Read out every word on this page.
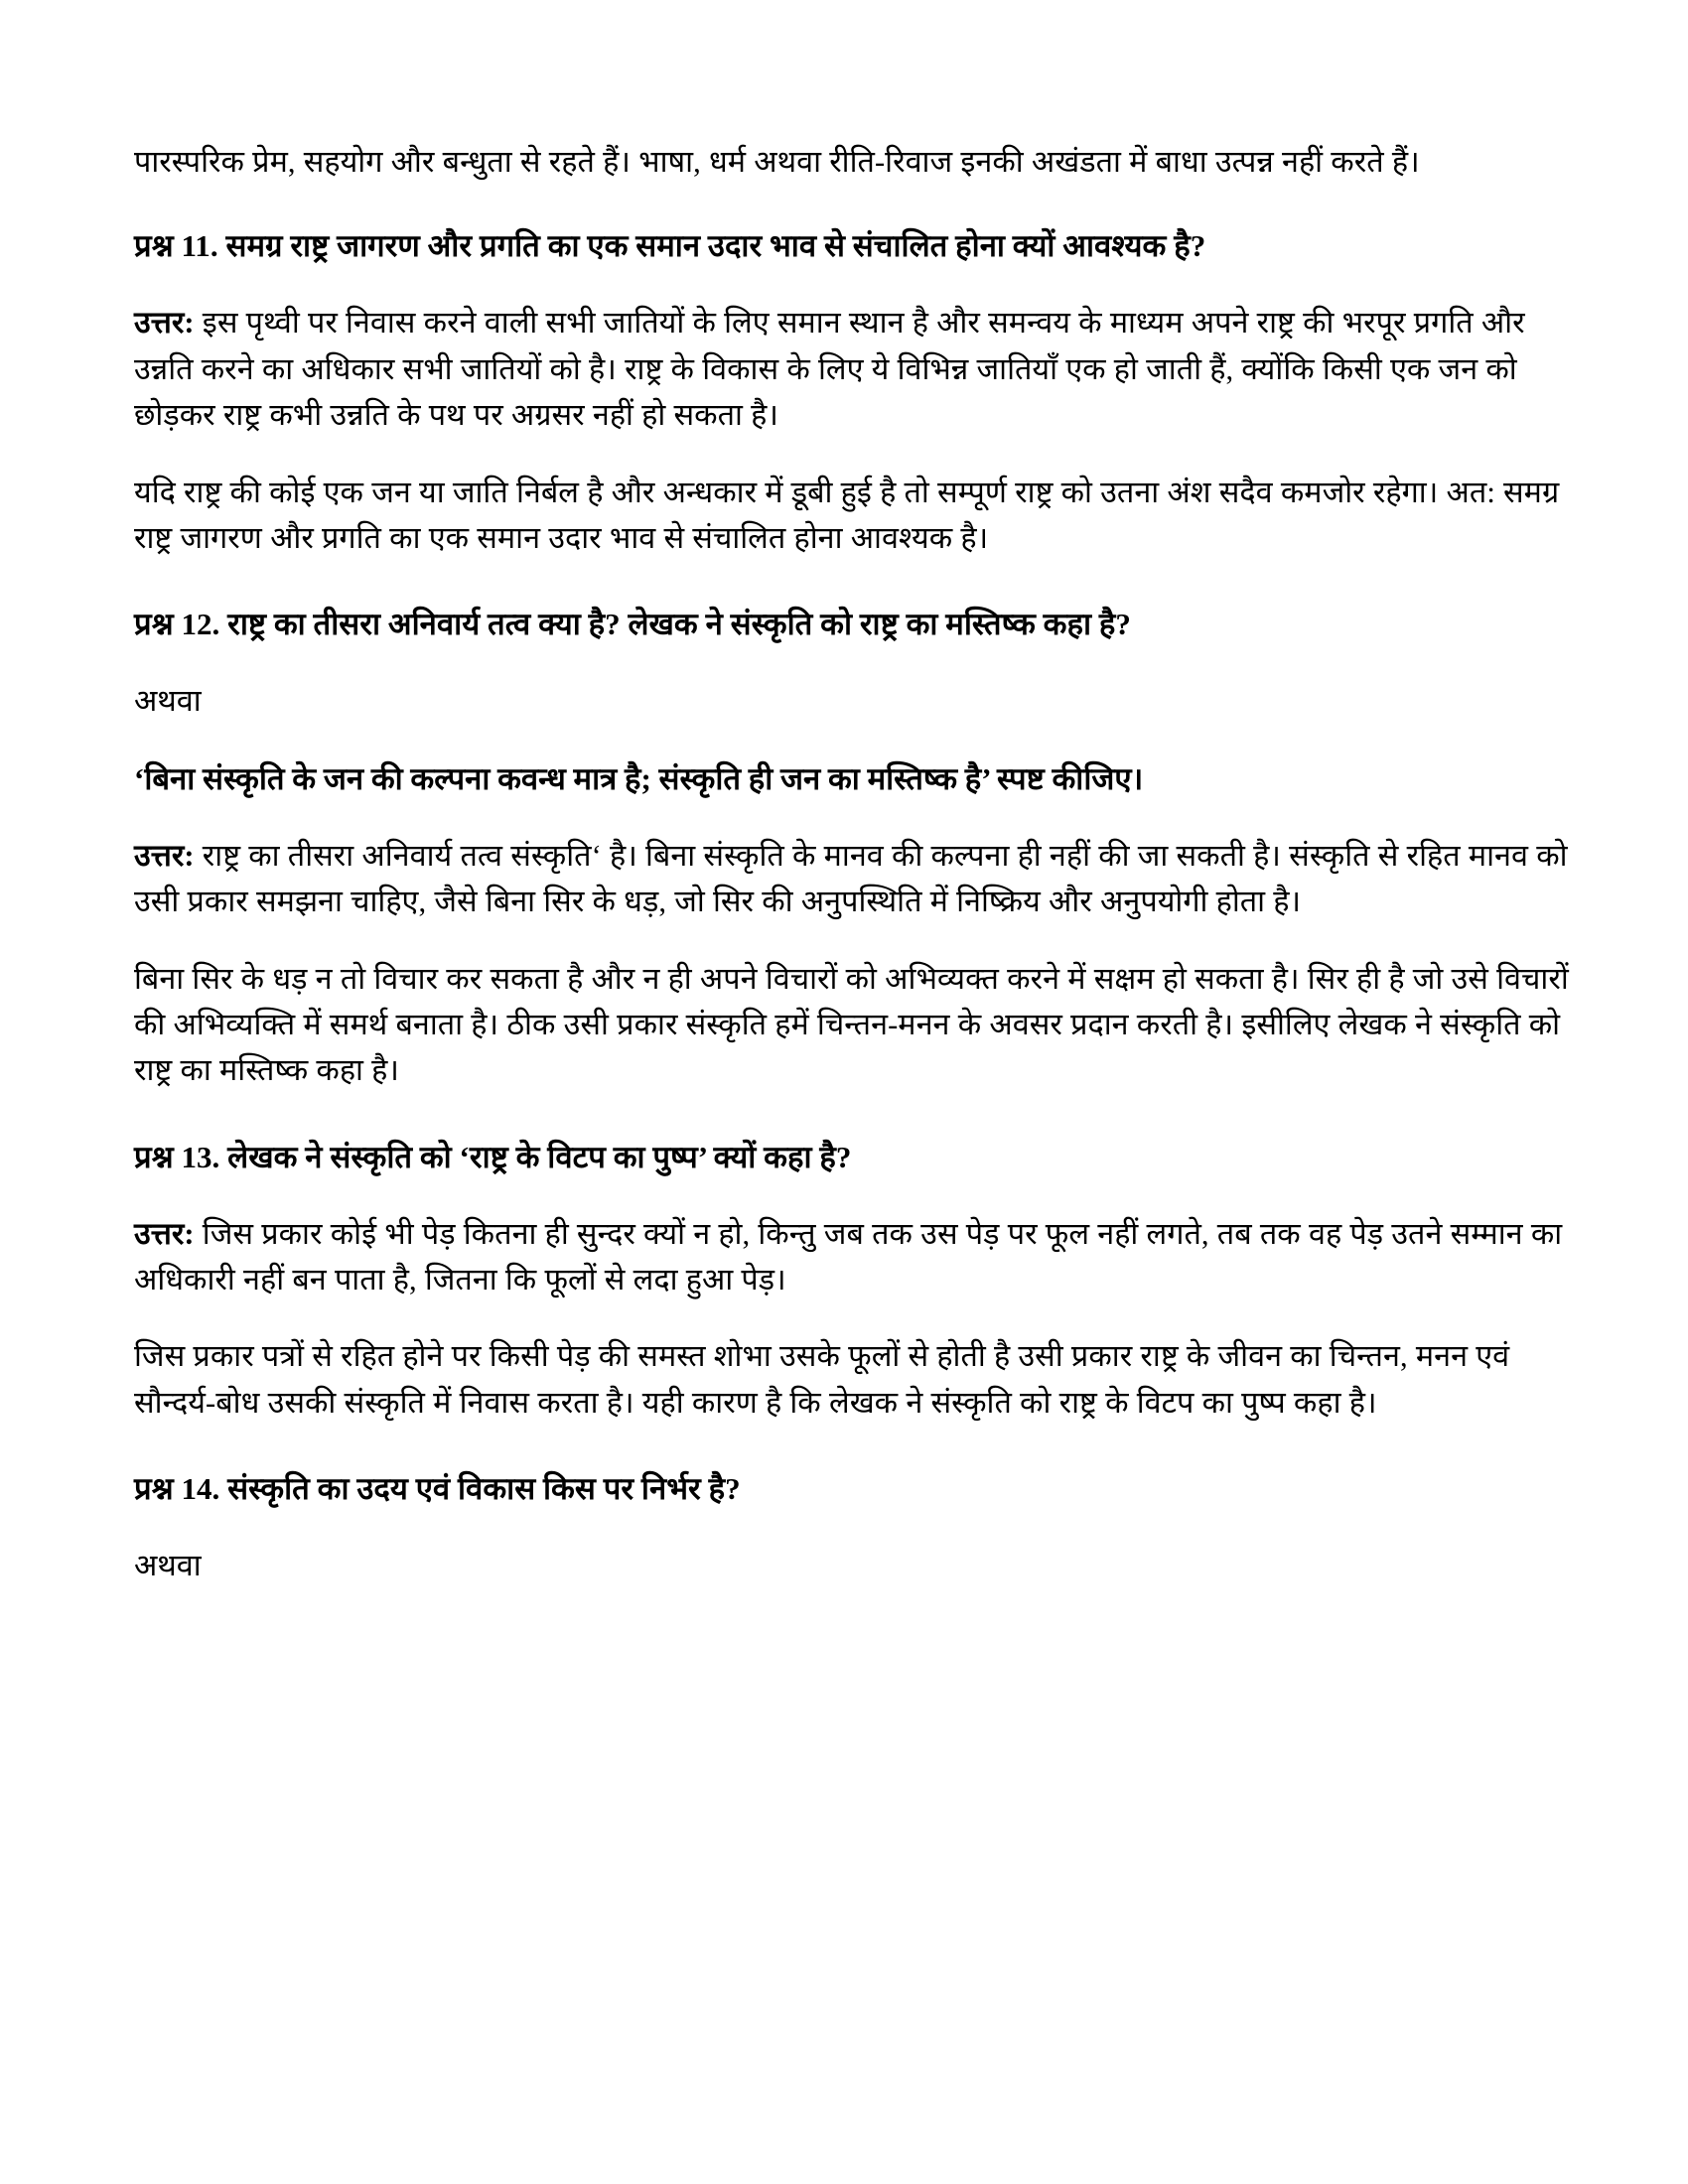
पारस्परिक प्रेम, सहयोग और बन्धुता से रहते हैं। भाषा, धर्म अथवा रीति-रिवाज इनकी अखंडता में बाधा उत्पन्न नहीं करते हैं।

प्रश्न 11. समग्र राष्ट्र जागरण और प्रगति का एक समान उदार भाव से संचालित होना क्यों आवश्यक है?

उत्तर: इस पृथ्वी पर निवास करने वाली सभी जातियों के लिए समान स्थान है और समन्वय के माध्यम अपने राष्ट्र की भरपूर प्रगति और उन्नति करने का अधिकार सभी जातियों को है। राष्ट्र के विकास के लिए ये विभिन्न जातियाँ एक हो जाती हैं, क्योंकि किसी एक जन को छोड़कर राष्ट्र कभी उन्नति के पथ पर अग्रसर नहीं हो सकता है।

यदि राष्ट्र की कोई एक जन या जाति निर्बल है और अन्धकार में डूबी हुई है तो सम्पूर्ण राष्ट्र को उतना अंश सदैव कमजोर रहेगा। अत: समग्र राष्ट्र जागरण और प्रगति का एक समान उदार भाव से संचालित होना आवश्यक है।

प्रश्न 12. राष्ट्र का तीसरा अनिवार्य तत्व क्या है? लेखक ने संस्कृति को राष्ट्र का मस्तिष्क कहा है?

अथवा

‘बिना संस्कृति के जन की कल्पना कवन्ध मात्र है; संस्कृति ही जन का मस्तिष्क है’ स्पष्ट कीजिए।

उत्तर: राष्ट्र का तीसरा अनिवार्य तत्व संस्कृति‘ है। बिना संस्कृति के मानव की कल्पना ही नहीं की जा सकती है। संस्कृति से रहित मानव को उसी प्रकार समझना चाहिए, जैसे बिना सिर के धड़, जो सिर की अनुपस्थिति में निष्क्रिय और अनुपयोगी होता है।

बिना सिर के धड़ न तो विचार कर सकता है और न ही अपने विचारों को अभिव्यक्त करने में सक्षम हो सकता है। सिर ही है जो उसे विचारों की अभिव्यक्ति में समर्थ बनाता है। ठीक उसी प्रकार संस्कृति हमें चिन्तन-मनन के अवसर प्रदान करती है। इसीलिए लेखक ने संस्कृति को राष्ट्र का मस्तिष्क कहा है।

प्रश्न 13. लेखक ने संस्कृति को ‘राष्ट्र के विटप का पुष्प’ क्यों कहा है?

उत्तर: जिस प्रकार कोई भी पेड़ कितना ही सुन्दर क्यों न हो, किन्तु जब तक उस पेड़ पर फूल नहीं लगते, तब तक वह पेड़ उतने सम्मान का अधिकारी नहीं बन पाता है, जितना कि फूलों से लदा हुआ पेड़।

जिस प्रकार पत्रों से रहित होने पर किसी पेड़ की समस्त शोभा उसके फूलों से होती है उसी प्रकार राष्ट्र के जीवन का चिन्तन, मनन एवं सौन्दर्य-बोध उसकी संस्कृति में निवास करता है। यही कारण है कि लेखक ने संस्कृति को राष्ट्र के विटप का पुष्प कहा है।

प्रश्न 14. संस्कृति का उदय एवं विकास किस पर निर्भर है?

अथवा
